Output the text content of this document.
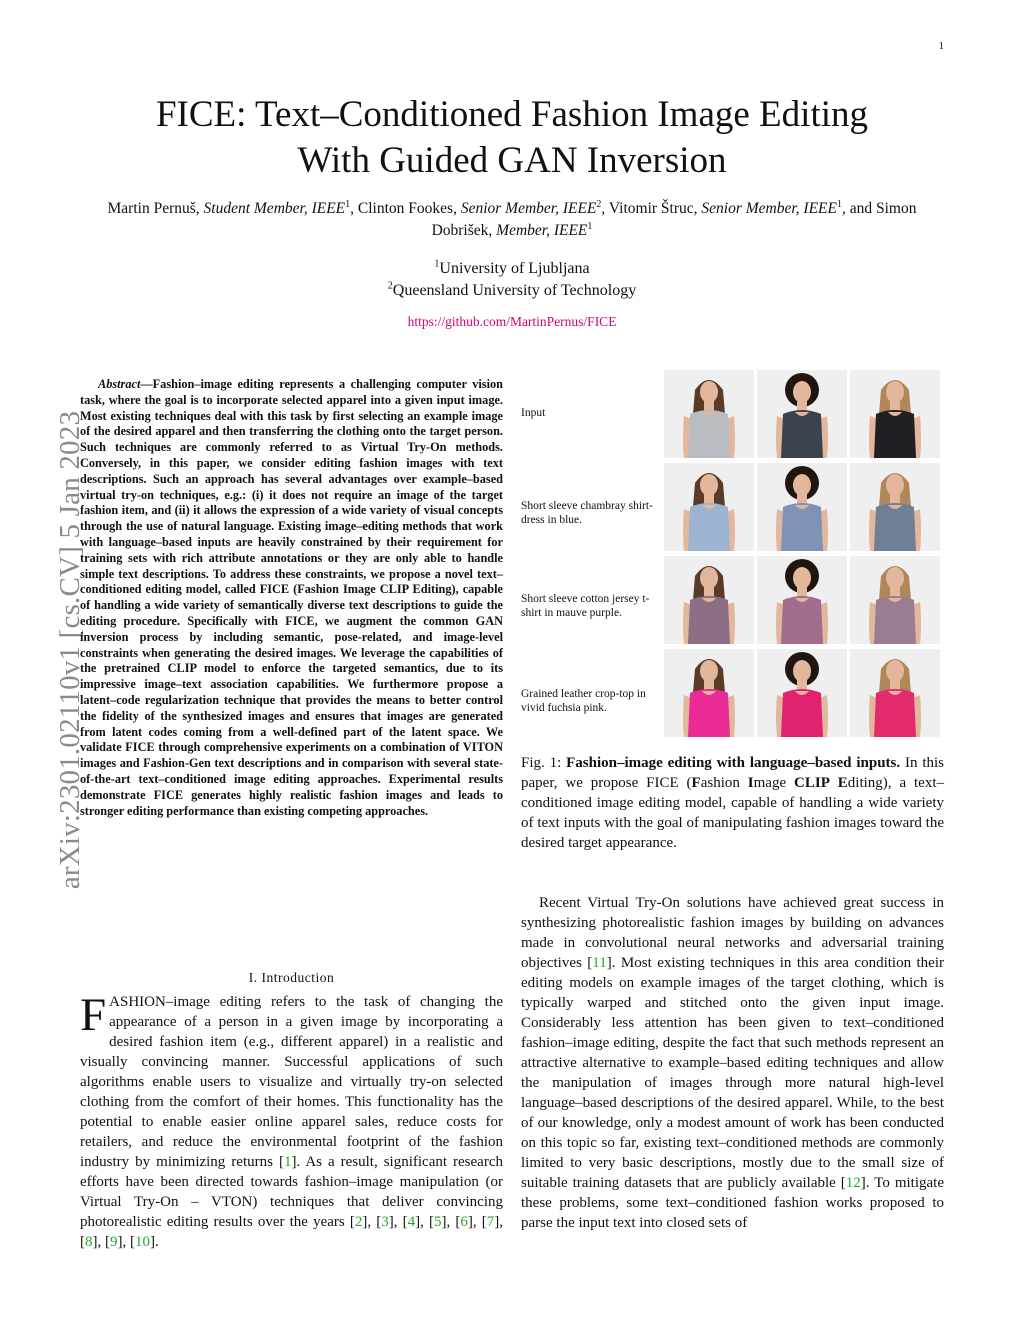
1
FICE: Text–Conditioned Fashion Image Editing
With Guided GAN Inversion
Martin Pernuš, Student Member, IEEE$^1$, Clinton Fookes, Senior Member, IEEE$^2$, Vitomir Štruc, Senior Member, IEEE$^1$, and Simon Dobrišek, Member, IEEE$^1$
$^1$University of Ljubljana
$^2$Queensland University of Technology
https://github.com/MartinPernus/FICE
arXiv:2301.02110v1 [cs.CV] 5 Jan 2023
Abstract—Fashion–image editing represents a challenging computer vision task, where the goal is to incorporate selected apparel into a given input image. Most existing techniques deal with this task by first selecting an example image of the desired apparel and then transferring the clothing onto the target person. Such techniques are commonly referred to as Virtual Try-On methods. Conversely, in this paper, we consider editing fashion images with text descriptions. Such an approach has several advantages over example–based virtual try-on techniques, e.g.: (i) it does not require an image of the target fashion item, and (ii) it allows the expression of a wide variety of visual concepts through the use of natural language. Existing image–editing methods that work with language–based inputs are heavily constrained by their requirement for training sets with rich attribute annotations or they are only able to handle simple text descriptions. To address these constraints, we propose a novel text–conditioned editing model, called FICE (Fashion Image CLIP Editing), capable of handling a wide variety of semantically diverse text descriptions to guide the editing procedure. Specifically with FICE, we augment the common GAN inversion process by including semantic, pose-related, and image-level constraints when generating the desired images. We leverage the capabilities of the pretrained CLIP model to enforce the targeted semantics, due to its impressive image–text association capabilities. We furthermore propose a latent–code regularization technique that provides the means to better control the fidelity of the synthesized images and ensures that images are generated from latent codes coming from a well-defined part of the latent space. We validate FICE through comprehensive experiments on a combination of VITON images and Fashion-Gen text descriptions and in comparison with several state-of-the-art text–conditioned image editing approaches. Experimental results demonstrate FICE generates highly realistic fashion images and leads to stronger editing performance than existing competing approaches.
I. Introduction
FASHION–image editing refers to the task of changing the appearance of a person in a given image by incorporating a desired fashion item (e.g., different apparel) in a realistic and visually convincing manner. Successful applications of such algorithms enable users to visualize and virtually try-on selected clothing from the comfort of their homes. This functionality has the potential to enable easier online apparel sales, reduce costs for retailers, and reduce the environmental footprint of the fashion industry by minimizing returns [1]. As a result, significant research efforts have been directed towards fashion–image manipulation (or Virtual Try-On – VTON) techniques that deliver convincing photorealistic editing results over the years [2], [3], [4], [5], [6], [7], [8], [9], [10].
Input
Short sleeve chambray shirt-dress in blue.
Short sleeve cotton jersey t-shirt in mauve purple.
Grained leather crop-top in vivid fuchsia pink.
Fig. 1: Fashion–image editing with language–based inputs. In this paper, we propose FICE (Fashion Image CLIP Editing), a text–conditioned image editing model, capable of handling a wide variety of text inputs with the goal of manipulating fashion images toward the desired target appearance.
Recent Virtual Try-On solutions have achieved great success in synthesizing photorealistic fashion images by building on advances made in convolutional neural networks and adversarial training objectives [11]. Most existing techniques in this area condition their editing models on example images of the target clothing, which is typically warped and stitched onto the given input image. Considerably less attention has been given to text–conditioned fashion–image editing, despite the fact that such methods represent an attractive alternative to example–based editing techniques and allow the manipulation of images through more natural high-level language–based descriptions of the desired apparel. While, to the best of our knowledge, only a modest amount of work has been conducted on this topic so far, existing text–conditioned methods are commonly limited to very basic descriptions, mostly due to the small size of suitable training datasets that are publicly available [12]. To mitigate these problems, some text–conditioned fashion works proposed to parse the input text into closed sets of
